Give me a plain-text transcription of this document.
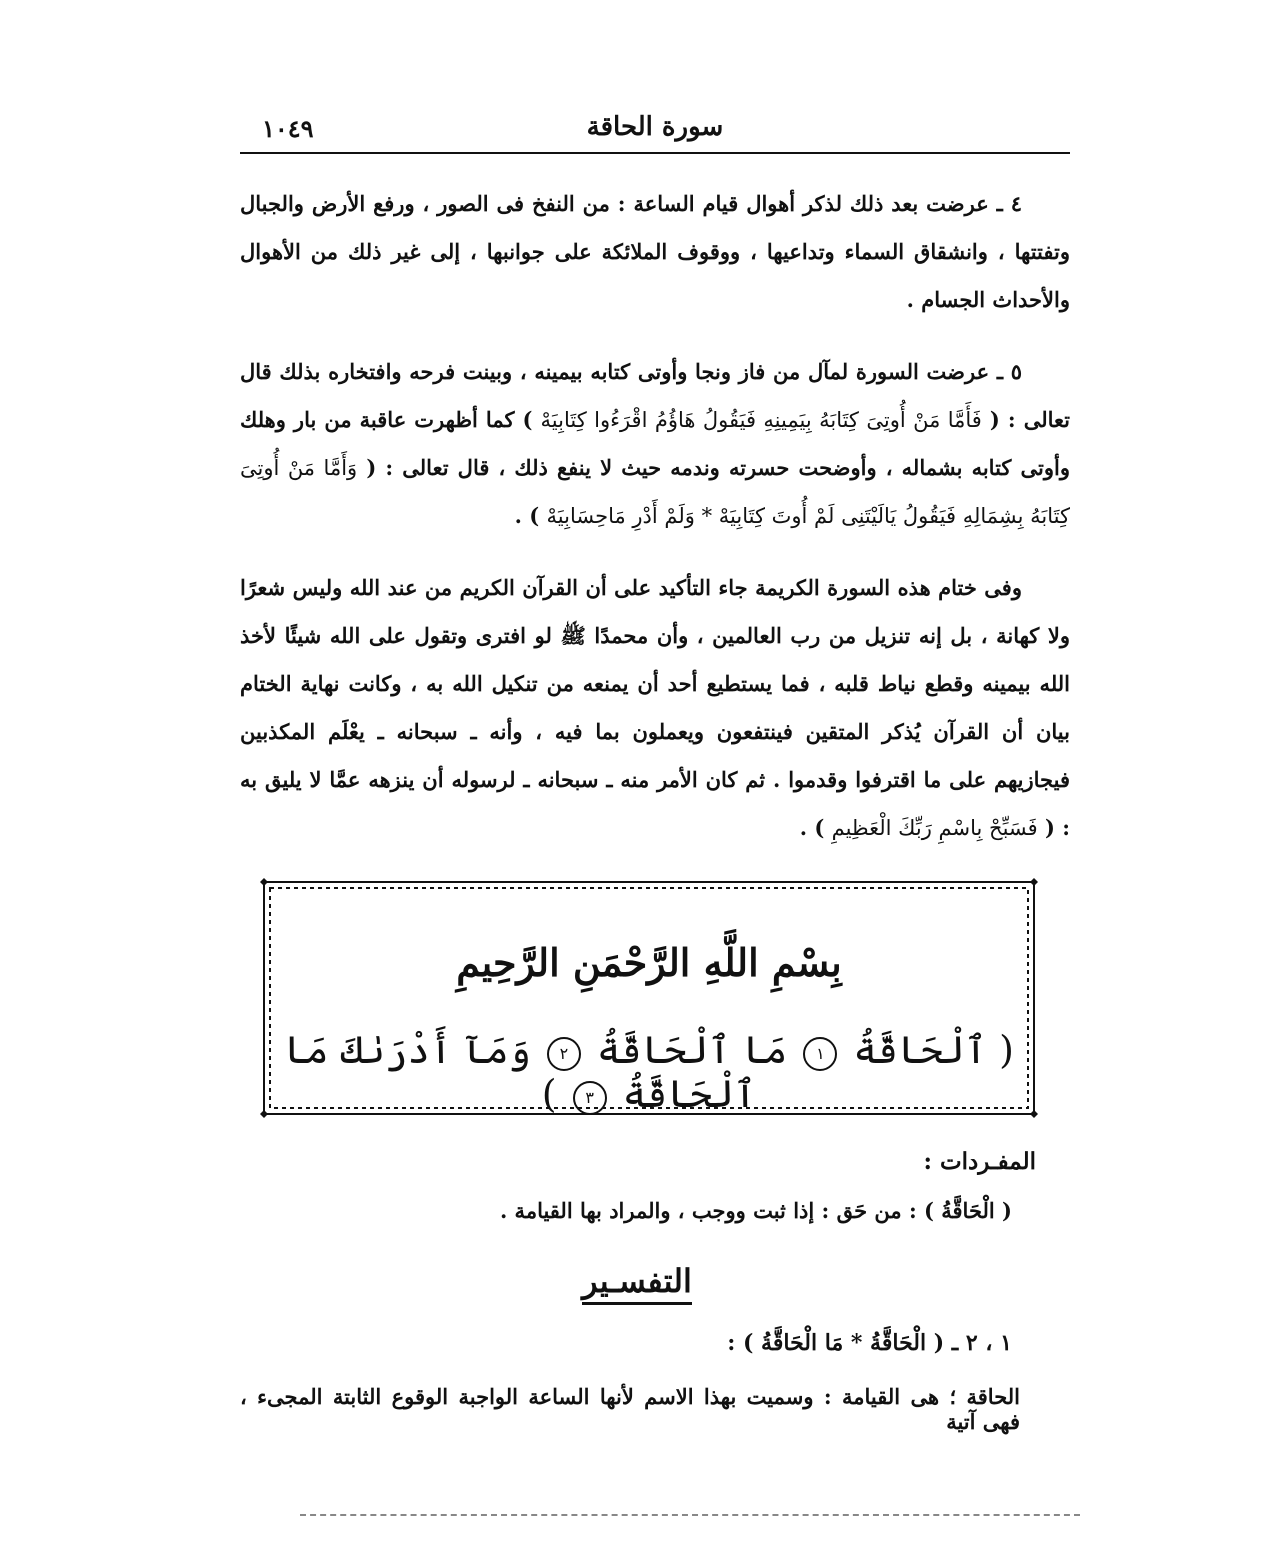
سورة الحاقة
١٠٤٩

٤ ـ عرضت بعد ذلك لذكر أهوال قيام الساعة : من النفخ فى الصور ، ورفع الأرض والجبال وتفتتها ، وانشقاق السماء وتداعيها ، ووقوف الملائكة على جوانبها ، إلى غير ذلك من الأهوال والأحداث الجسام .

٥ ـ عرضت السورة لمآل من فاز ونجا وأوتى كتابه بيمينه ، وبينت فرحه وافتخاره بذلك قال تعالى : ( فَأَمَّا مَنْ أُوتِىَ كِتَابَهُ بِيَمِينِهِ فَيَقُولُ هَاؤُمُ اقْرَءُوا كِتَابِيَهْ ) كما أظهرت عاقبة من بار وهلك وأوتى كتابه بشماله ، وأوضحت حسرته وندمه حيث لا ينفع ذلك ، قال تعالى : ( وَأَمَّا مَنْ أُوتِىَ كِتَابَهُ بِشِمَالِهِ فَيَقُولُ يَالَيْتَنِى لَمْ أُوتَ كِتَابِيَهْ * وَلَمْ أَدْرِ مَاحِسَابِيَهْ ) .

وفى ختام هذه السورة الكريمة جاء التأكيد على أن القرآن الكريم من عند الله وليس شعرًا ولا كهانة ، بل إنه تنزيل من رب العالمين ، وأن محمدًا ﷺ لو افترى وتقول على الله شيئًا لأخذ الله بيمينه وقطع نياط قلبه ، فما يستطيع أحد أن يمنعه من تنكيل الله به ، وكانت نهاية الختام بيان أن القرآن يُذكر المتقين فينتفعون ويعملون بما فيه ، وأنه ـ سبحانه ـ يعْلَم المكذبين فيجازيهم على ما اقترفوا وقدموا . ثم كان الأمر منه ـ سبحانه ـ لرسوله أن ينزهه عمَّا لا يليق به : ( فَسَبِّحْ بِاسْمِ رَبِّكَ الْعَظِيمِ ) .

بِسْمِ اللَّهِ الرَّحْمَنِ الرَّحِيمِ
( ٱلْحَاقَّةُ ١ مَا ٱلْحَاقَّةُ ٢ وَمَآ أَدْرَىٰكَ مَا ٱلْحَاقَّةُ ٣ )
المفـردات :
( الْحَاقَّةُ ) : من حَق : إذا ثبت ووجب ، والمراد بها القيامة .
التفسـير
١ ، ٢ ـ ( الْحَاقَّةُ * مَا الْحَاقَّةُ ) :
الحاقة ؛ هى القيامة : وسميت بهذا الاسم لأنها الساعة الواجبة الوقوع الثابتة المجىء ، فهى آتية
